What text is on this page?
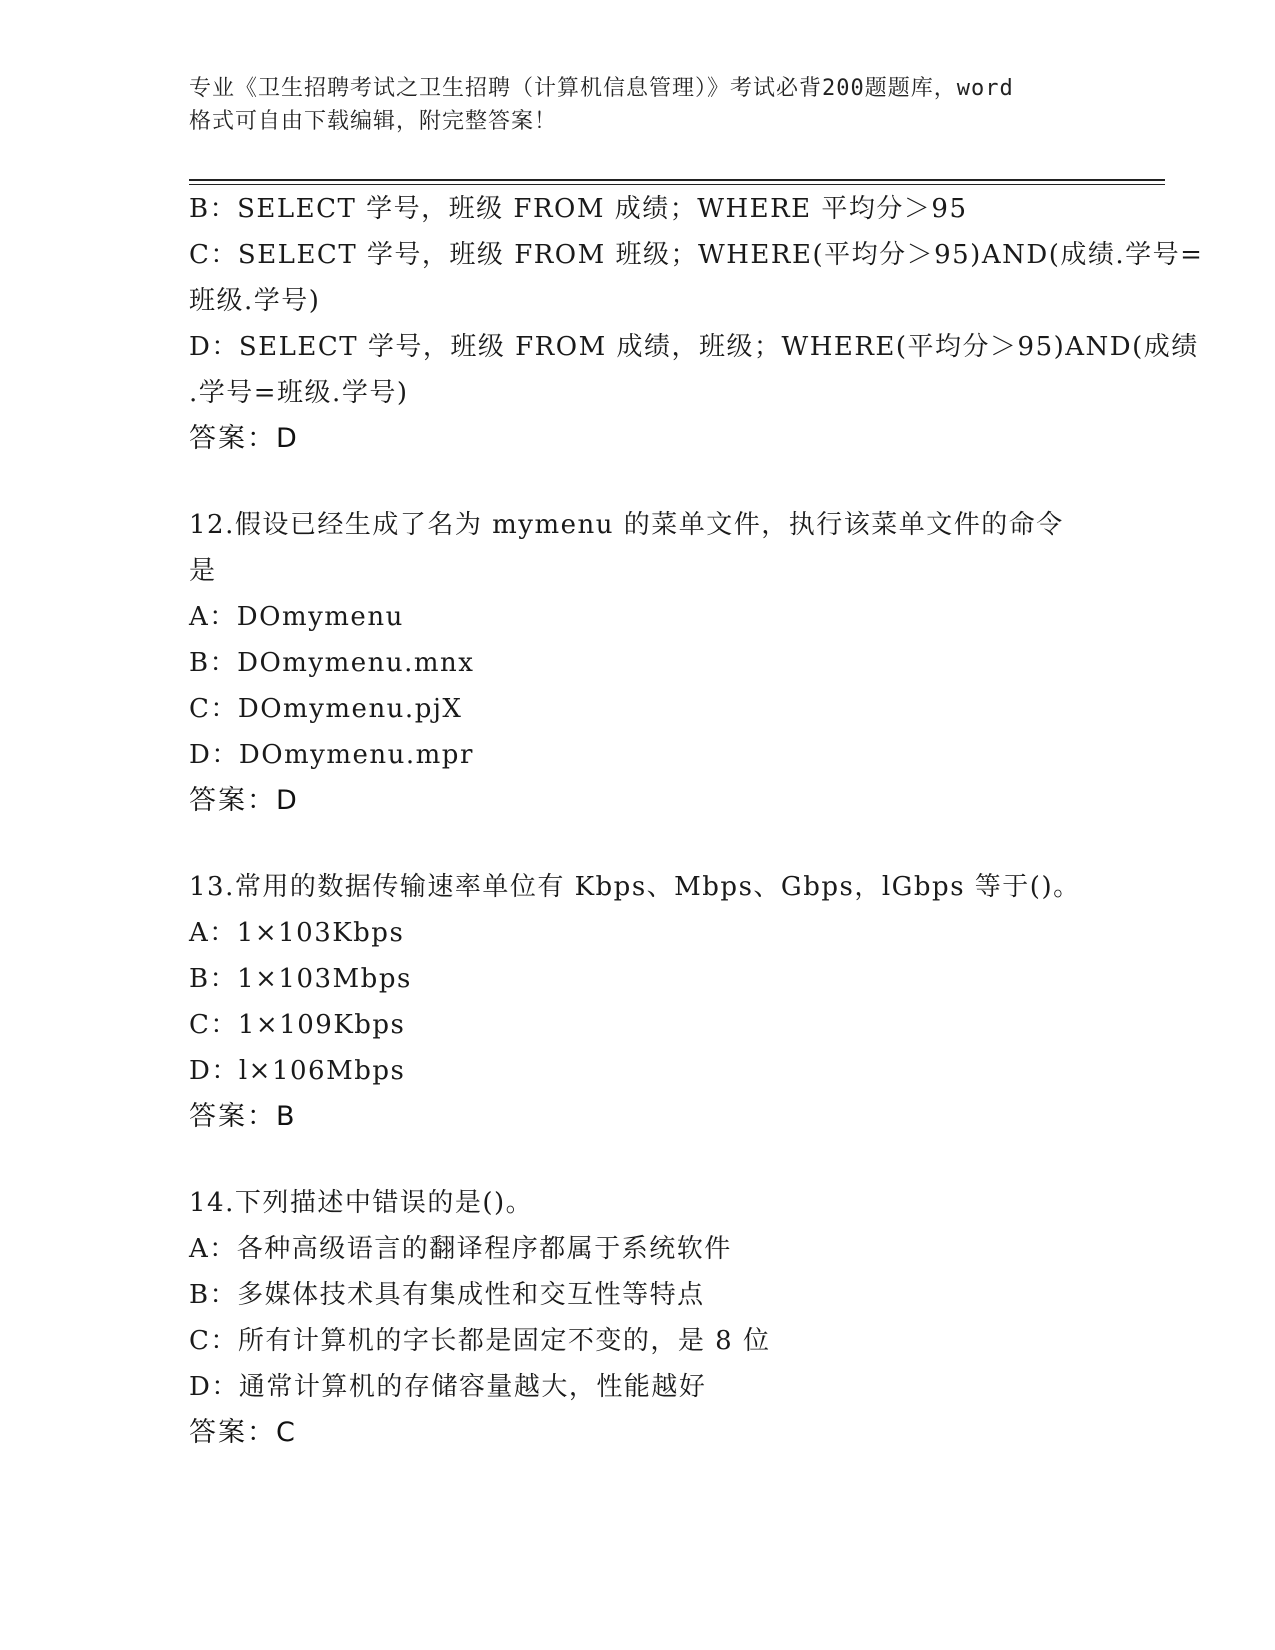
专业《卫生招聘考试之卫生招聘（计算机信息管理）》考试必背200题题库，word
格式可自由下载编辑，附完整答案！
B：SELECT 学号，班级 FROM 成绩；WHERE 平均分＞95
C：SELECT 学号，班级 FROM 班级；WHERE(平均分＞95)AND(成绩.学号=
班级.学号)
D：SELECT 学号，班级 FROM 成绩，班级；WHERE(平均分＞95)AND(成绩
.学号=班级.学号)
答案：D
12.假设已经生成了名为 mymenu 的菜单文件，执行该菜单文件的命令
是
A：DOmymenu
B：DOmymenu.mnx
C：DOmymenu.pjX
D：DOmymenu.mpr
答案：D
13.常用的数据传输速率单位有 Kbps、Mbps、Gbps，lGbps 等于()。
A：1×103Kbps
B：1×103Mbps
C：1×109Kbps
D：l×106Mbps
答案：B
14.下列描述中错误的是()。
A：各种高级语言的翻译程序都属于系统软件
B：多媒体技术具有集成性和交互性等特点
C：所有计算机的字长都是固定不变的，是 8 位
D：通常计算机的存储容量越大，性能越好
答案：C
